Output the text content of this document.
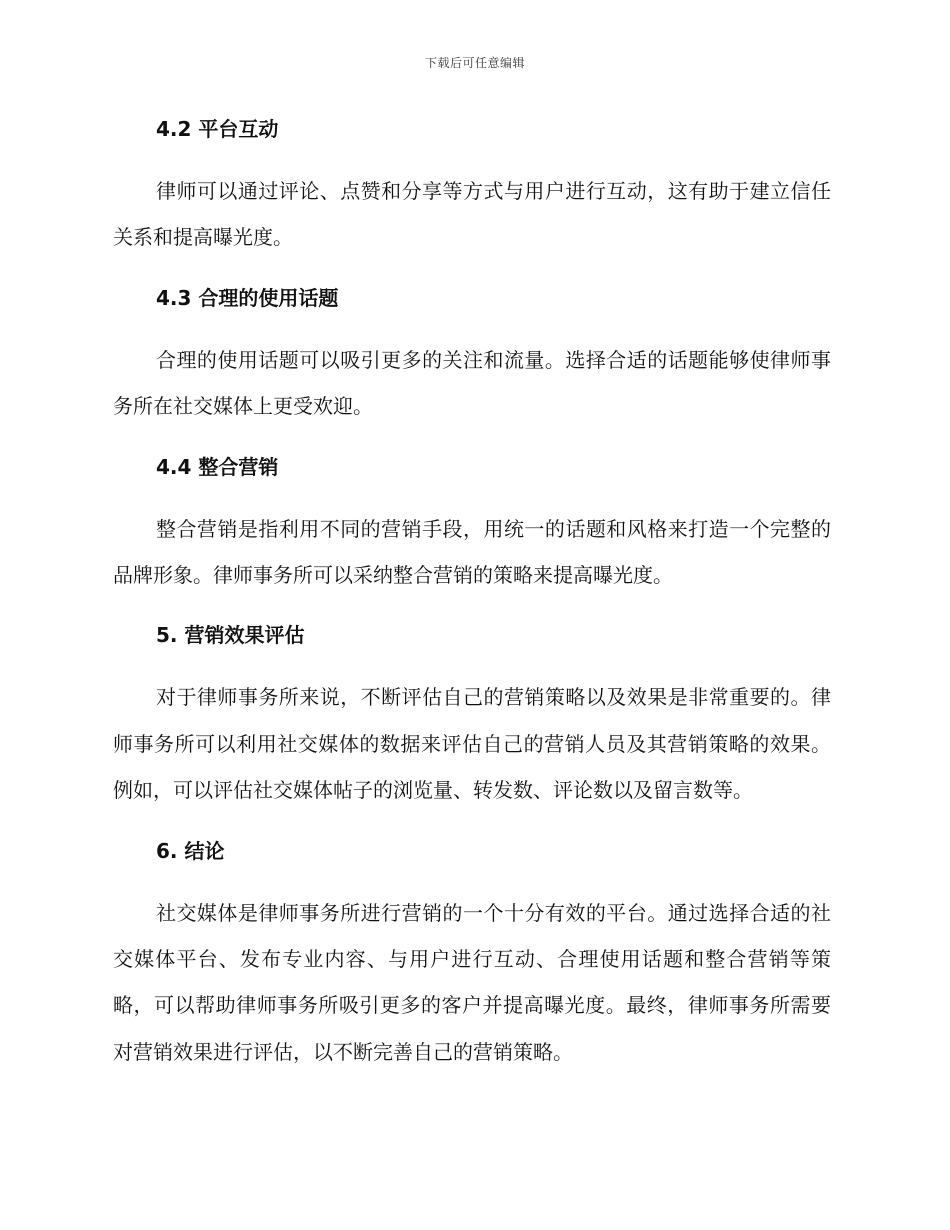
下载后可任意编辑
4.2 平台互动

律师可以通过评论、点赞和分享等方式与用户进行互动，这有助于建立信任关系和提高曝光度。

4.3 合理的使用话题

合理的使用话题可以吸引更多的关注和流量。选择合适的话题能够使律师事务所在社交媒体上更受欢迎。

4.4 整合营销

整合营销是指利用不同的营销手段，用统一的话题和风格来打造一个完整的品牌形象。律师事务所可以采纳整合营销的策略来提高曝光度。

5. 营销效果评估

对于律师事务所来说，不断评估自己的营销策略以及效果是非常重要的。律师事务所可以利用社交媒体的数据来评估自己的营销人员及其营销策略的效果。例如，可以评估社交媒体帖子的浏览量、转发数、评论数以及留言数等。

6. 结论

社交媒体是律师事务所进行营销的一个十分有效的平台。通过选择合适的社交媒体平台、发布专业内容、与用户进行互动、合理使用话题和整合营销等策略，可以帮助律师事务所吸引更多的客户并提高曝光度。最终，律师事务所需要对营销效果进行评估，以不断完善自己的营销策略。
